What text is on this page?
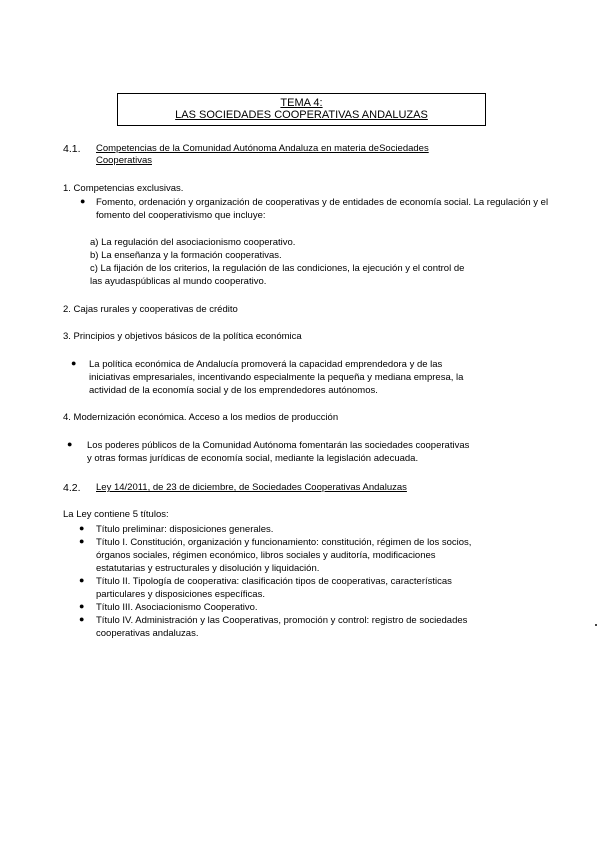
TEMA 4:
LAS SOCIEDADES COOPERATIVAS ANDALUZAS
4.1. Competencias de la Comunidad Autónoma Andaluza en materia deSociedades
Cooperativas
1. Competencias exclusivas.
● Fomento, ordenación y organización de cooperativas y de entidades de economía social. La regulación y el
fomento del cooperativismo que incluye:
a) La regulación del asociacionismo cooperativo.
b) La enseñanza y la formación cooperativas.
c) La fijación de los criterios, la regulación de las condiciones, la ejecución y el control de
las ayudaspúblicas al mundo cooperativo.
2. Cajas rurales y cooperativas de crédito
3. Principios y objetivos básicos de la política económica
● La política económica de Andalucía promoverá la capacidad emprendedora y de las
iniciativas empresariales, incentivando especialmente la pequeña y mediana empresa, la
actividad de la economía social y de los emprendedores autónomos.
4. Modernización económica. Acceso a los medios de producción
● Los poderes públicos de la Comunidad Autónoma fomentarán las sociedades cooperativas
y otras formas jurídicas de economía social, mediante la legislación adecuada.
4.2. Ley 14/2011, de 23 de diciembre, de Sociedades Cooperativas Andaluzas
La Ley contiene 5 títulos:
● Título preliminar: disposiciones generales.
● Título I. Constitución, organización y funcionamiento: constitución, régimen de los socios,
órganos sociales, régimen económico, libros sociales y auditoría, modificaciones
estatutarias y estructurales y disolución y liquidación.
● Título II. Tipología de cooperativa: clasificación tipos de cooperativas, características
particulares y disposiciones específicas.
● Título III. Asociacionismo Cooperativo.
● Título IV. Administración y las Cooperativas, promoción y control: registro de sociedades
cooperativas andaluzas.
